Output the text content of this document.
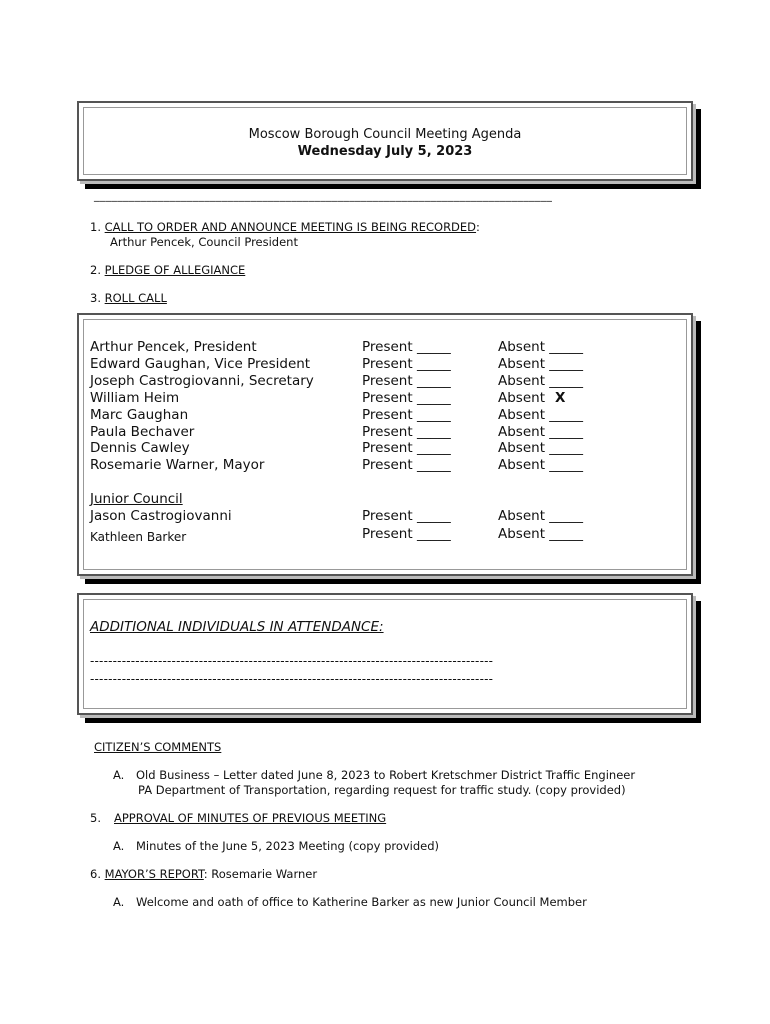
Moscow Borough Council Meeting Agenda
Wednesday July 5, 2023
_______________________________________________________________________________
1. CALL TO ORDER AND ANNOUNCE MEETING IS BEING RECORDED:
Arthur Pencek, Council President
2. PLEDGE OF ALLEGIANCE
3. ROLL CALL
Arthur Pencek, President	Present _____	Absent _____
Edward Gaughan, Vice President	Present _____	Absent _____
Joseph Castrogiovanni, Secretary	Present _____	Absent _____
William Heim	Present _____	Absent X
Marc Gaughan	Present _____	Absent _____
Paula Bechaver	Present _____	Absent _____
Dennis Cawley	Present _____	Absent _____
Rosemarie Warner, Mayor	Present _____	Absent _____
Jason Castrogiovanni	Present _____	Absent _____
Kathleen Barker	Present _____	Absent _____
Junior Council
ADDITIONAL INDIVIDUALS IN ATTENDANCE:
-----------------------------------------------------------------------------------------
-----------------------------------------------------------------------------------------
CITIZEN’S COMMENTS
A. Old Business – Letter dated June 8, 2023 to Robert Kretschmer District Traffic Engineer
PA Department of Transportation, regarding request for traffic study. (copy provided)
5. APPROVAL OF MINUTES OF PREVIOUS MEETING
A. Minutes of the June 5, 2023 Meeting (copy provided)
6. MAYOR’S REPORT: Rosemarie Warner
A. Welcome and oath of office to Katherine Barker as new Junior Council Member
